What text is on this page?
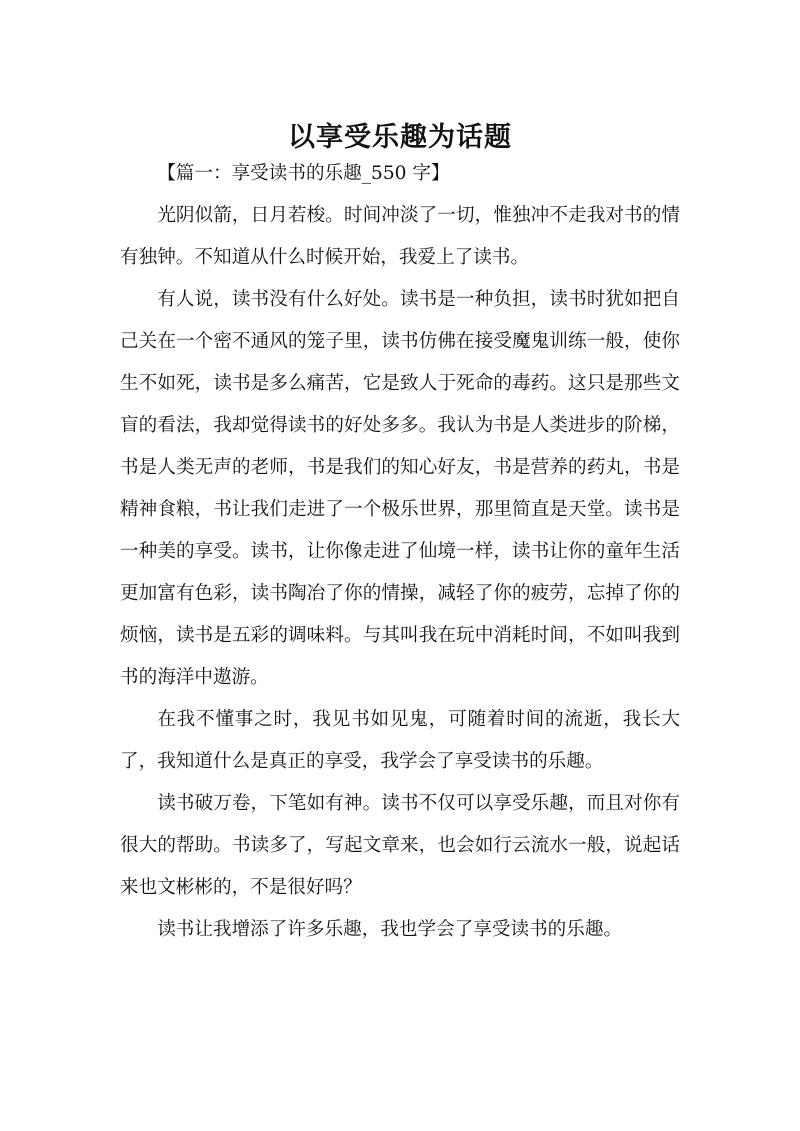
以享受乐趣为话题

【篇一：享受读书的乐趣_550 字】

光阴似箭，日月若梭。时间冲淡了一切，惟独冲不走我对书的情有独钟。不知道从什么时候开始，我爱上了读书。

有人说，读书没有什么好处。读书是一种负担，读书时犹如把自己关在一个密不通风的笼子里，读书仿佛在接受魔鬼训练一般，使你生不如死，读书是多么痛苦，它是致人于死命的毒药。这只是那些文盲的看法，我却觉得读书的好处多多。我认为书是人类进步的阶梯，书是人类无声的老师，书是我们的知心好友，书是营养的药丸，书是精神食粮，书让我们走进了一个极乐世界，那里简直是天堂。读书是一种美的享受。读书，让你像走进了仙境一样，读书让你的童年生活更加富有色彩，读书陶冶了你的情操，减轻了你的疲劳，忘掉了你的烦恼，读书是五彩的调味料。与其叫我在玩中消耗时间，不如叫我到书的海洋中遨游。

在我不懂事之时，我见书如见鬼，可随着时间的流逝，我长大了，我知道什么是真正的享受，我学会了享受读书的乐趣。

读书破万卷，下笔如有神。读书不仅可以享受乐趣，而且对你有很大的帮助。书读多了，写起文章来，也会如行云流水一般，说起话来也文彬彬的，不是很好吗？

读书让我增添了许多乐趣，我也学会了享受读书的乐趣。
